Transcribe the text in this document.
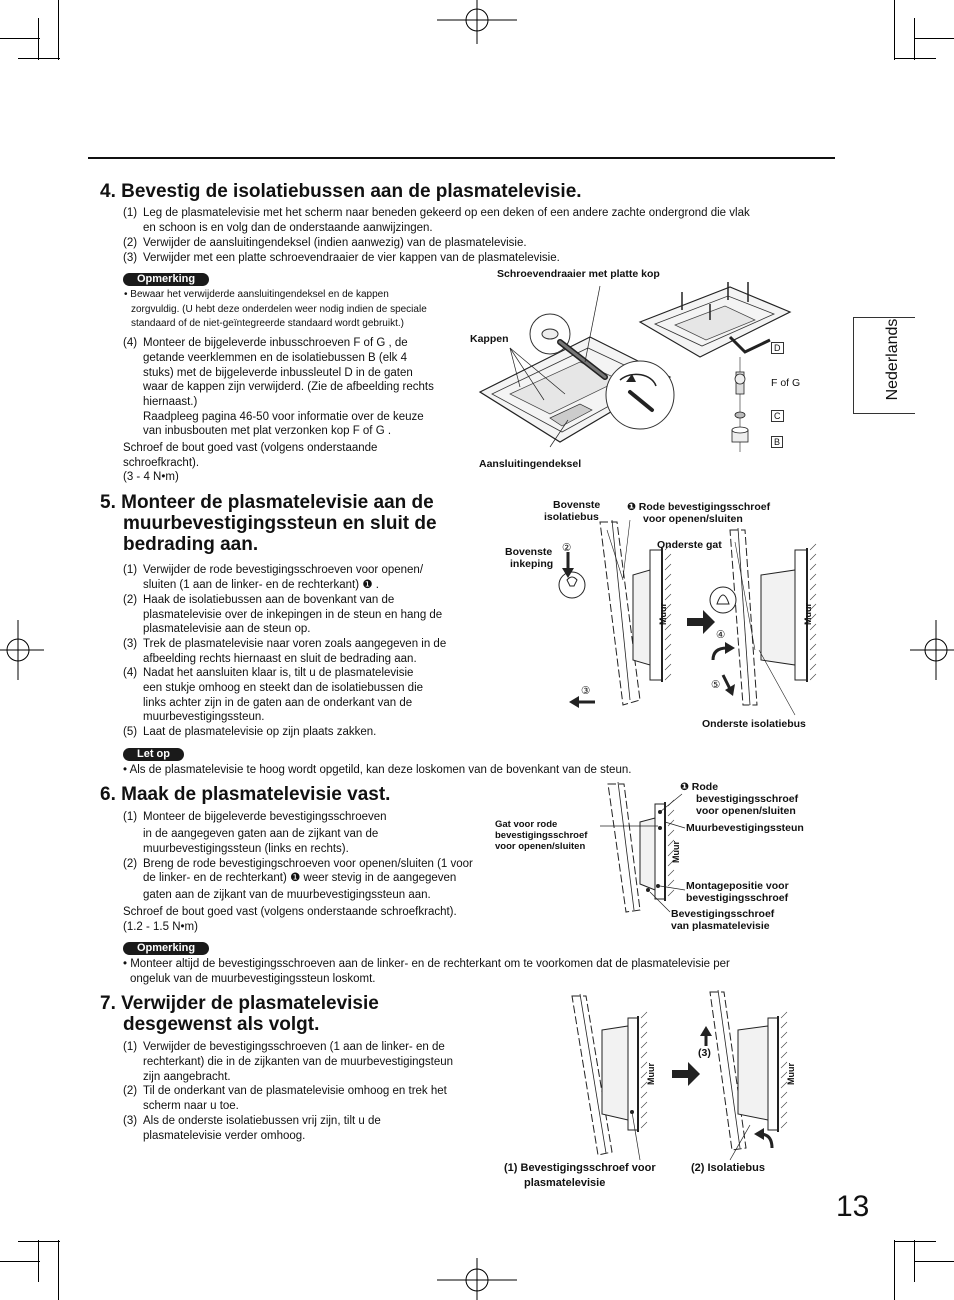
Nederlands
4. Bevestig de isolatiebussen aan de plasmatelevisie.
(1) Leg de plasmatelevisie met het scherm naar beneden gekeerd op een deken of een andere zachte ondergrond die vlak
en schoon is en volg dan de onderstaande aanwijzingen.
(2) Verwijder de aansluitingendeksel (indien aanwezig) van de plasmatelevisie.
(3) Verwijder met een platte schroevendraaier de vier kappen van de plasmatelevisie.
Opmerking
• Bewaar het verwijderde aansluitingendeksel en de kappen
zorgvuldig. (U hebt deze onderdelen weer nodig indien de speciale
standaard of de niet-geïntegreerde standaard wordt gebruikt.)
(4) Monteer de bijgeleverde inbusschroeven F of G , de
getande veerklemmen en de isolatiebussen B (elk 4
stuks) met de bijgeleverde inbussleutel D in de gaten
waar de kappen zijn verwijderd. (Zie de afbeelding rechts
hiernaast.)
Raadpleeg pagina 46-50 voor informatie over de keuze
van inbusbouten met plat verzonken kop F of G .
Schroef de bout goed vast (volgens onderstaande
schroefkracht).
(3 - 4 N•m)
Schroevendraaier met platte kop
Kappen
Aansluitingendeksel
D
F of G
C
B
5. Monteer de plasmatelevisie aan de
muurbevestigingssteun en sluit de
bedrading aan.
(1) Verwijder de rode bevestigingsschroeven voor openen/
sluiten (1 aan de linker- en de rechterkant) ❶ .
(2) Haak de isolatiebussen aan de bovenkant van de
plasmatelevisie over de inkepingen in de steun en hang de
plasmatelevisie aan de steun op.
(3) Trek de plasmatelevisie naar voren zoals aangegeven in de
afbeelding rechts hiernaast en sluit de bedrading aan.
(4) Nadat het aansluiten klaar is, tilt u de plasmatelevisie
een stukje omhoog en steekt dan de isolatiebussen die
links achter zijn in de gaten aan de onderkant van de
muurbevestigingssteun.
(5) Laat de plasmatelevisie op zijn plaats zakken.
Let op
• Als de plasmatelevisie te hoog wordt opgetild, kan deze loskomen van de bovenkant van de steun.
Bovenste
isolatiebus
❶ Rode bevestigingsschroef
voor openen/sluiten
Bovenste
inkeping
②	Onderste gat
③
④
⑤
Onderste isolatiebus
Muur	Muur
6. Maak de plasmatelevisie vast.
(1) Monteer de bijgeleverde bevestigingsschroeven
in de aangegeven gaten aan de zijkant van de
muurbevestigingssteun (links en rechts).
(2) Breng de rode bevestigingschroeven voor openen/sluiten (1 voor
de linker- en de rechterkant) ❶ weer stevig in de aangegeven
gaten aan de zijkant van de muurbevestigingssteun aan.
Schroef de bout goed vast (volgens onderstaande schroefkracht).
(1.2 - 1.5 N•m)
Opmerking
• Monteer altijd de bevestigingsschroeven aan de linker- en de rechterkant om te voorkomen dat de plasmatelevisie per
ongeluk van de muurbevestigingssteun loskomt.
❶ Rode
bevestigingsschroef
voor openen/sluiten
Gat voor rode
bevestigingsschroef
voor openen/sluiten
Muurbevestigingssteun
Montagepositie voor
bevestigingsschroef
Bevestigingsschroef
van plasmatelevisie
Muur
7. Verwijder de plasmatelevisie
desgewenst als volgt.
(1) Verwijder de bevestigingsschroeven (1 aan de linker- en de
rechterkant) die in de zijkanten van de muurbevestigingsteun
zijn aangebracht.
(2) Til de onderkant van de plasmatelevisie omhoog en trek het
scherm naar u toe.
(3) Als de onderste isolatiebussen vrij zijn, tilt u de
plasmatelevisie verder omhoog.
(3)
Muur	Muur
(1) Bevestigingsschroef voor
plasmatelevisie
(2) Isolatiebus
13
